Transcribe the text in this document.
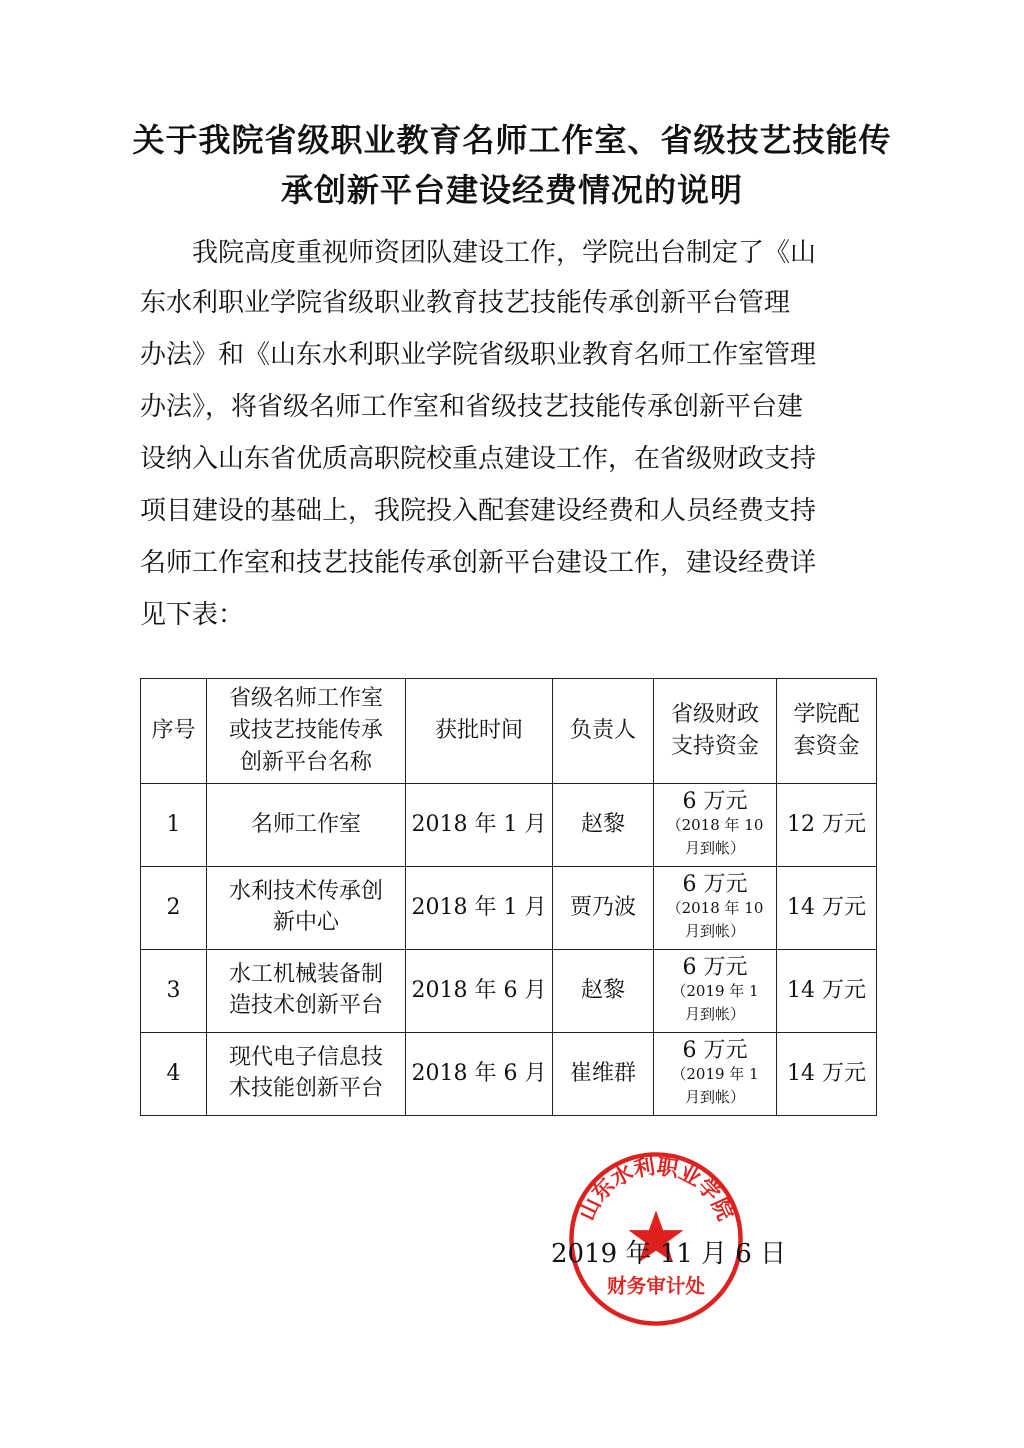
关于我院省级职业教育名师工作室、省级技艺技能传
承创新平台建设经费情况的说明
　　我院高度重视师资团队建设工作，学院出台制定了《山
东水利职业学院省级职业教育技艺技能传承创新平台管理
办法》和《山东水利职业学院省级职业教育名师工作室管理
办法》，将省级名师工作室和省级技艺技能传承创新平台建
设纳入山东省优质高职院校重点建设工作，在省级财政支持
项目建设的基础上，我院投入配套建设经费和人员经费支持
名师工作室和技艺技能传承创新平台建设工作，建设经费详
见下表：
序号	省级名师工作室
或技艺技能传承
创新平台名称	获批时间	负责人	省级财政
支持资金	学院配
套资金
1	名师工作室	2018 年 1 月	赵黎	6 万元
（2018 年 10
月到帐）	12 万元
2	水利技术传承创
新中心	2018 年 1 月	贾乃波	6 万元
（2018 年 10
月到帐）	14 万元
3	水工机械装备制
造技术创新平台	2018 年 6 月	赵黎	6 万元
（2019 年 1
月到帐）	14 万元
4	现代电子信息技
术技能创新平台	2018 年 6 月	崔维群	6 万元
（2019 年 1
月到帐）	14 万元
山东水利职业学院
财务审计处
2019 年 11 月 6 日
